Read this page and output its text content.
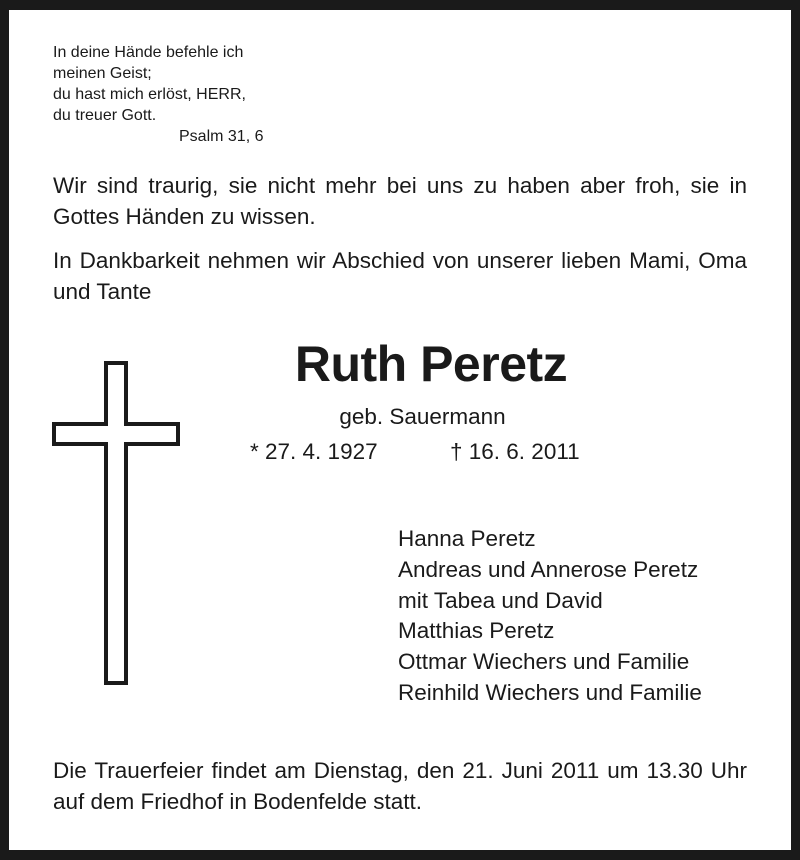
In deine Hände befehle ich
meinen Geist;
du hast mich erlöst, HERR,
du treuer Gott.
Psalm 31, 6
Wir sind traurig, sie nicht mehr bei uns zu haben aber froh, sie in Gottes Händen zu wissen.
In Dankbarkeit nehmen wir Abschied von unserer lieben Mami, Oma und Tante
Ruth Peretz
geb. Sauermann
* 27. 4. 1927	† 16. 6. 2011
Hanna Peretz
Andreas und Annerose Peretz
mit Tabea und David
Matthias Peretz
Ottmar Wiechers und Familie
Reinhild Wiechers und Familie
Die Trauerfeier findet am Dienstag, den 21. Juni 2011 um 13.30 Uhr auf dem Friedhof in Bodenfelde statt.
